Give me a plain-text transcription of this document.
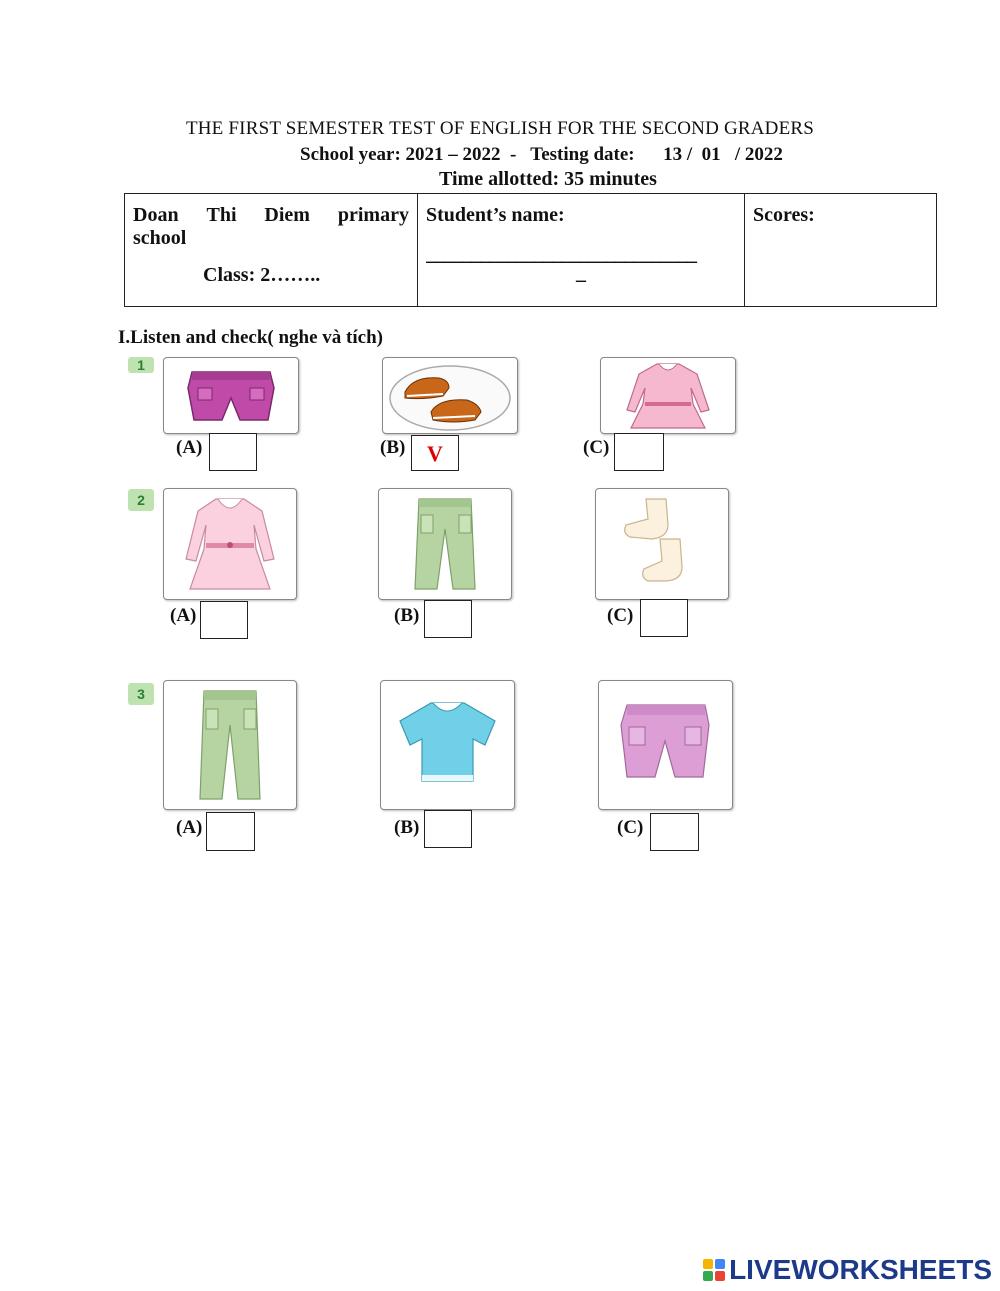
THE FIRST SEMESTER TEST OF ENGLISH FOR THE SECOND GRADERS
School year: 2021 – 2022  -   Testing date:      13 /  01   / 2022
Time allotted: 35 minutes
Doan Thi Diem primary
school
Class: 2……..

Student’s name:
______________________________
_

Scores:
I.Listen and check( nghe và tích)
1
(A)	(B) V	(C)
2
(A)	(B)	(C)
3
(A)	(B)	(C)
LIVEWORKSHEETS
